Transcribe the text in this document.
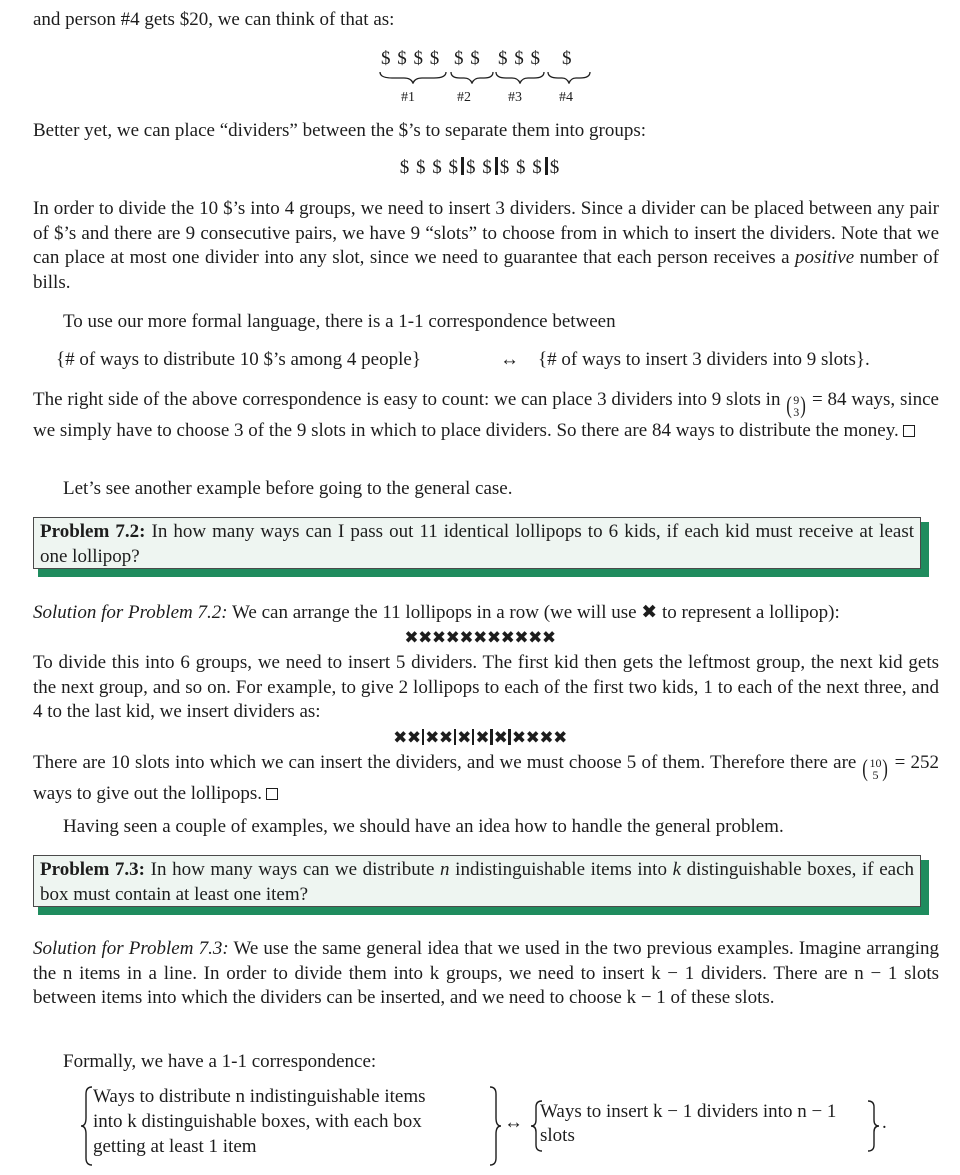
and person #4 gets $20, we can think of that as:
$ $ $ $ $ $ $ $ $ $
#1	#2	#3	#4
Better yet, we can place “dividers” between the $’s to separate them into groups:
$ $ $ $ $ $ $ $ $ $
In order to divide the 10 $’s into 4 groups, we need to insert 3 dividers. Since a divider can be placed between any pair of $’s and there are 9 consecutive pairs, we have 9 “slots” to choose from in which to insert the dividers. Note that we can place at most one divider into any slot, since we need to guarantee that each person receives a positive number of bills.
To use our more formal language, there is a 1-1 correspondence between
{# of ways to distribute 10 $’s among 4 people}	↔ {# of ways to insert 3 dividers into 9 slots}.
The right side of the above correspondence is easy to count: we can place 3 dividers into 9 slots in (9
3) = 84 ways, since we simply have to choose 3 of the 9 slots in which to place dividers. So there are 84 ways to distribute the money.
Let’s see another example before going to the general case.
Problem 7.2: In how many ways can I pass out 11 identical lollipops to 6 kids, if each kid must receive at least one lollipop?
Solution for Problem 7.2: We can arrange the 11 lollipops in a row (we will use ✖ to represent a lollipop):
✖✖✖✖✖✖✖✖✖✖✖
To divide this into 6 groups, we need to insert 5 dividers. The first kid then gets the leftmost group, the next kid gets the next group, and so on. For example, to give 2 lollipops to each of the first two kids, 1 to each of the next three, and 4 to the last kid, we insert dividers as:
✖✖ ✖✖ ✖ ✖ ✖ ✖✖✖✖
There are 10 slots into which we can insert the dividers, and we must choose 5 of them. Therefore there are (10
5 ) = 252 ways to give out the lollipops.
Having seen a couple of examples, we should have an idea how to handle the general problem.
Problem 7.3: In how many ways can we distribute n indistinguishable items into k distinguishable boxes, if each box must contain at least one item?
Solution for Problem 7.3: We use the same general idea that we used in the two previous examples. Imagine arranging the n items in a line. In order to divide them into k groups, we need to insert k − 1 dividers. There are n − 1 slots between items into which the dividers can be inserted, and we need to choose k − 1 of these slots.
Formally, we have a 1-1 correspondence:
Ways to distribute n indistinguishable items
into k distinguishable boxes, with each box
getting at least 1 item
↔
Ways to insert k − 1 dividers into n − 1
slots
.
